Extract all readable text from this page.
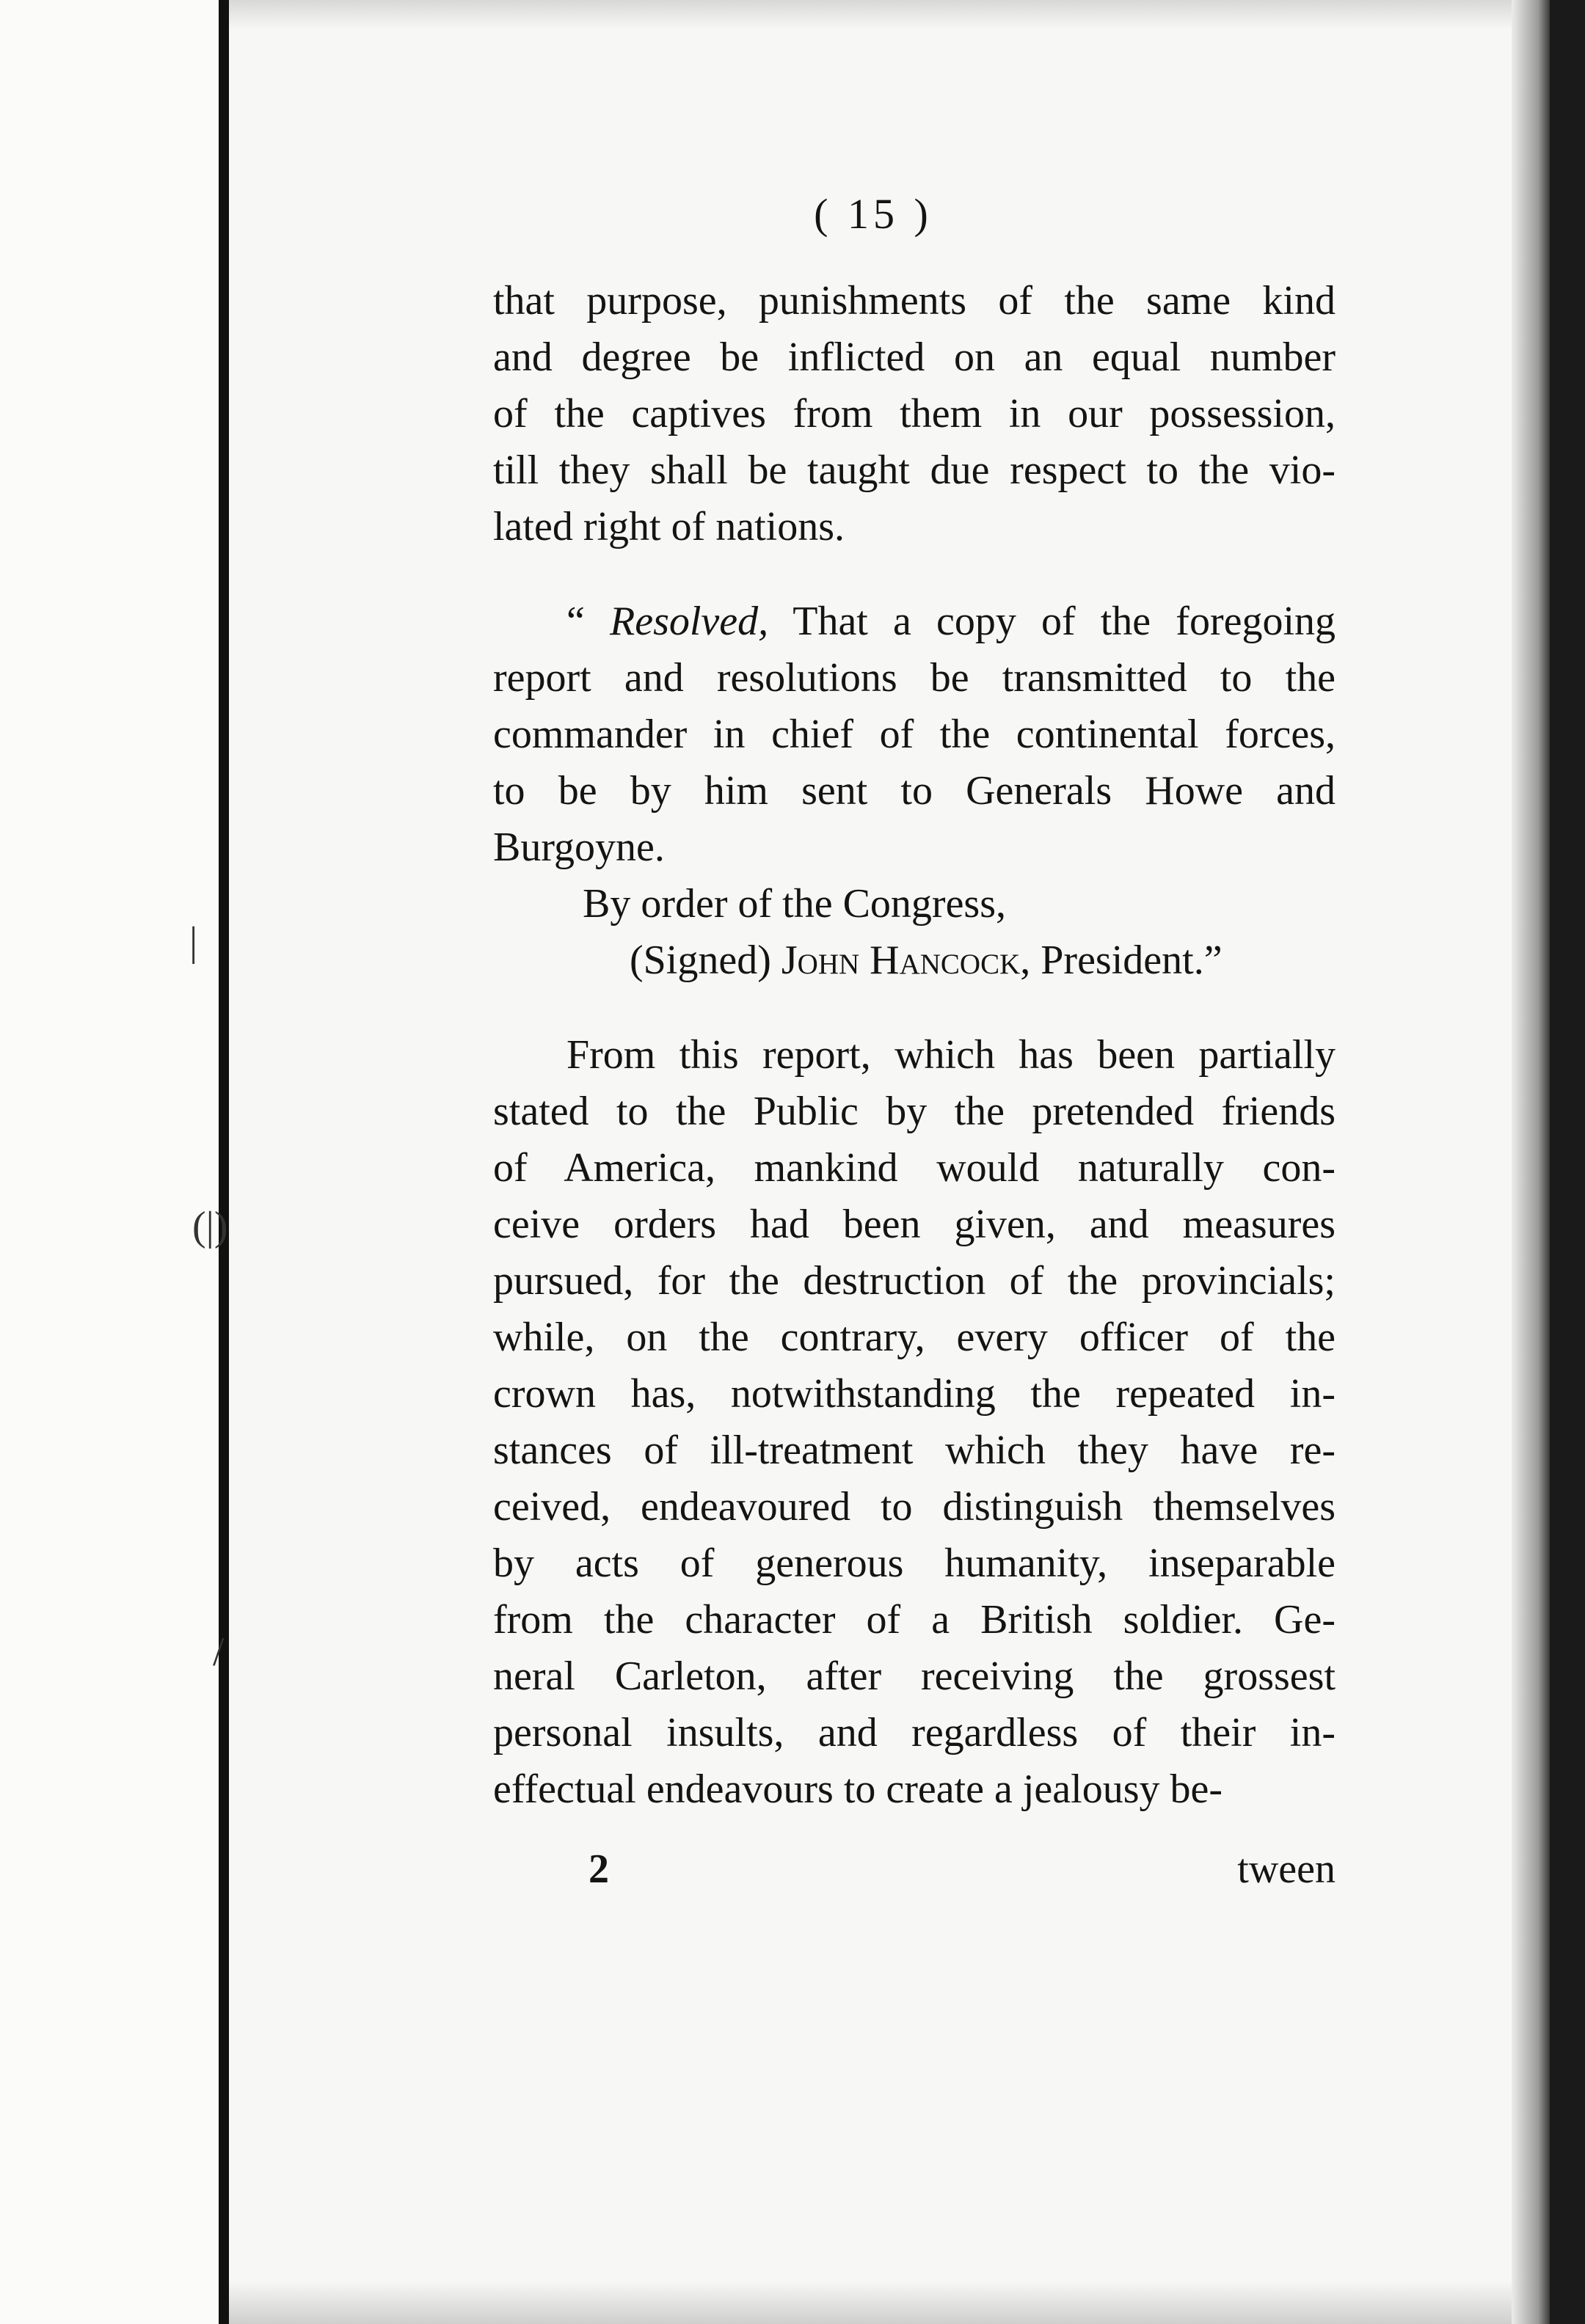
|
(|)
/
( 15 )
that purpose, punishments of the same kind
and degree be inflicted on an equal number
of the captives from them in our possession,
till they shall be taught due respect to the vio-
lated right of nations.
“ Resolved, That a copy of the foregoing
report and resolutions be transmitted to the
commander in chief of the continental forces,
to be by him sent to Generals Howe and
Burgoyne.
By order of the Congress,
(Signed) John Hancock, President.”
From this report, which has been partially
stated to the Public by the pretended friends
of America, mankind would naturally con-
ceive orders had been given, and measures
pursued, for the destruction of the provincials;
while, on the contrary, every officer of the
crown has, notwithstanding the repeated in-
stances of ill-treatment which they have re-
ceived, endeavoured to distinguish themselves
by acts of generous humanity, inseparable
from the character of a British soldier. Ge-
neral Carleton, after receiving the grossest
personal insults, and regardless of their in-
effectual endeavours to create a jealousy be-
2	tween
